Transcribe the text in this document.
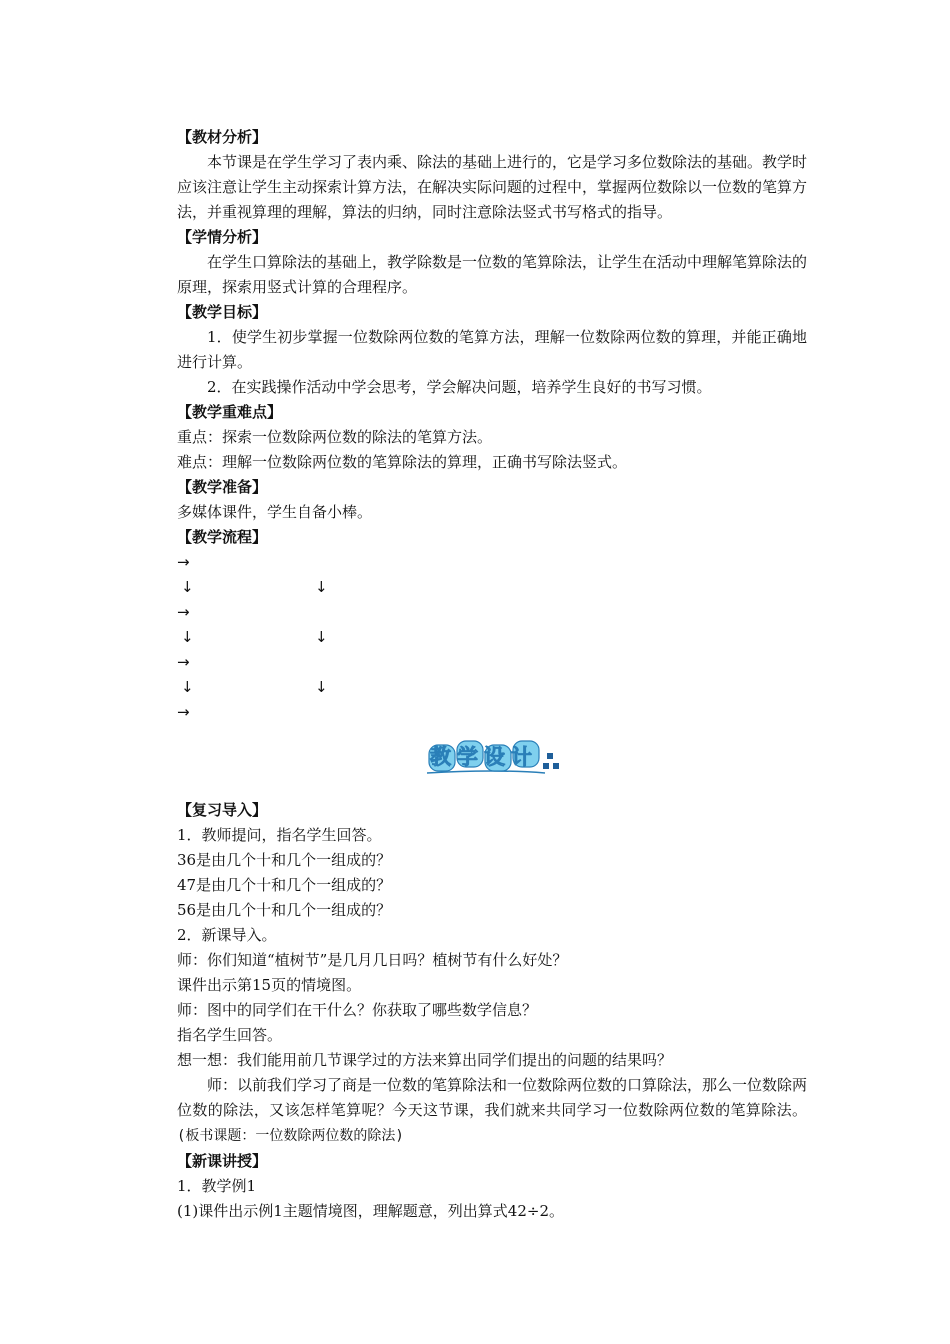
【教材分析】

本节课是在学生学习了表内乘、除法的基础上进行的，它是学习多位数除法的基础。教学时应该注意让学生主动探索计算方法，在解决实际问题的过程中，掌握两位数除以一位数的笔算方法，并重视算理的理解，算法的归纳，同时注意除法竖式书写格式的指导。

【学情分析】

在学生口算除法的基础上，教学除数是一位数的笔算除法，让学生在活动中理解笔算除法的原理，探索用竖式计算的合理程序。

【教学目标】

1．使学生初步掌握一位数除两位数的笔算方法，理解一位数除两位数的算理，并能正确地进行计算。

2．在实践操作活动中学会思考，学会解决问题，培养学生良好的书写习惯。

【教学重难点】

重点：探索一位数除两位数的除法的笔算方法。

难点：理解一位数除两位数的笔算除法的算理，正确书写除法竖式。

【教学准备】

多媒体课件，学生自备小棒。

【教学流程】
→
↓	↓
→
↓	↓
→
↓	↓
→
教学设计
【复习导入】

1．教师提问，指名学生回答。

36是由几个十和几个一组成的？

47是由几个十和几个一组成的？

56是由几个十和几个一组成的？

2．新课导入。

师：你们知道“植树节”是几月几日吗？植树节有什么好处？

课件出示第15页的情境图。

师：图中的同学们在干什么？你获取了哪些数学信息？

指名学生回答。

想一想：我们能用前几节课学过的方法来算出同学们提出的问题的结果吗？

师：以前我们学习了商是一位数的笔算除法和一位数除两位数的口算除法，那么一位数除两位数的除法，又该怎样笔算呢？今天这节课，我们就来共同学习一位数除两位数的笔算除法。(板书课题：一位数除两位数的除法)

【新课讲授】

1．教学例1

(1)课件出示例1主题情境图，理解题意，列出算式42÷2。
